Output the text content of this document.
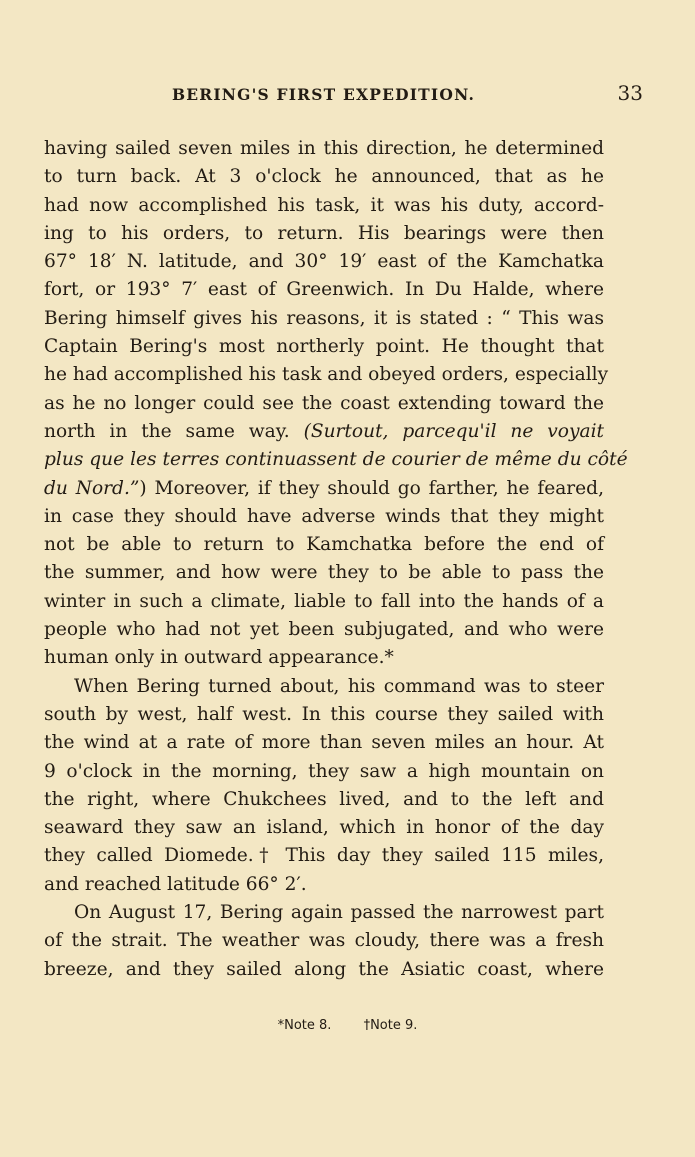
BERING'S FIRST EXPEDITION.	33
having sailed seven miles in this direction, he determined
to turn back. At 3 o'clock he announced, that as he
had now accomplished his task, it was his duty, accord-
ing to his orders, to return. His bearings were then
67° 18′ N. latitude, and 30° 19′ east of the Kamchatka
fort, or 193° 7′ east of Greenwich. In Du Halde, where
Bering himself gives his reasons, it is stated : “ This was
Captain Bering's most northerly point. He thought that
he had accomplished his task and obeyed orders, especially
as he no longer could see the coast extending toward the
north in the same way. (Surtout, parcequ'il ne voyait
plus que les terres continuassent de courier de même du côté
du Nord.”) Moreover, if they should go farther, he feared,
in case they should have adverse winds that they might
not be able to return to Kamchatka before the end of
the summer, and how were they to be able to pass the
winter in such a climate, liable to fall into the hands of a
people who had not yet been subjugated, and who were
human only in outward appearance.*
When Bering turned about, his command was to steer
south by west, half west. In this course they sailed with
the wind at a rate of more than seven miles an hour. At
9 o'clock in the morning, they saw a high mountain on
the right, where Chukchees lived, and to the left and
seaward they saw an island, which in honor of the day
they called Diomede.† This day they sailed 115 miles,
and reached latitude 66° 2′.
On August 17, Bering again passed the narrowest part
of the strait. The weather was cloudy, there was a fresh
breeze, and they sailed along the Asiatic coast, where
*Note 8. †Note 9.
